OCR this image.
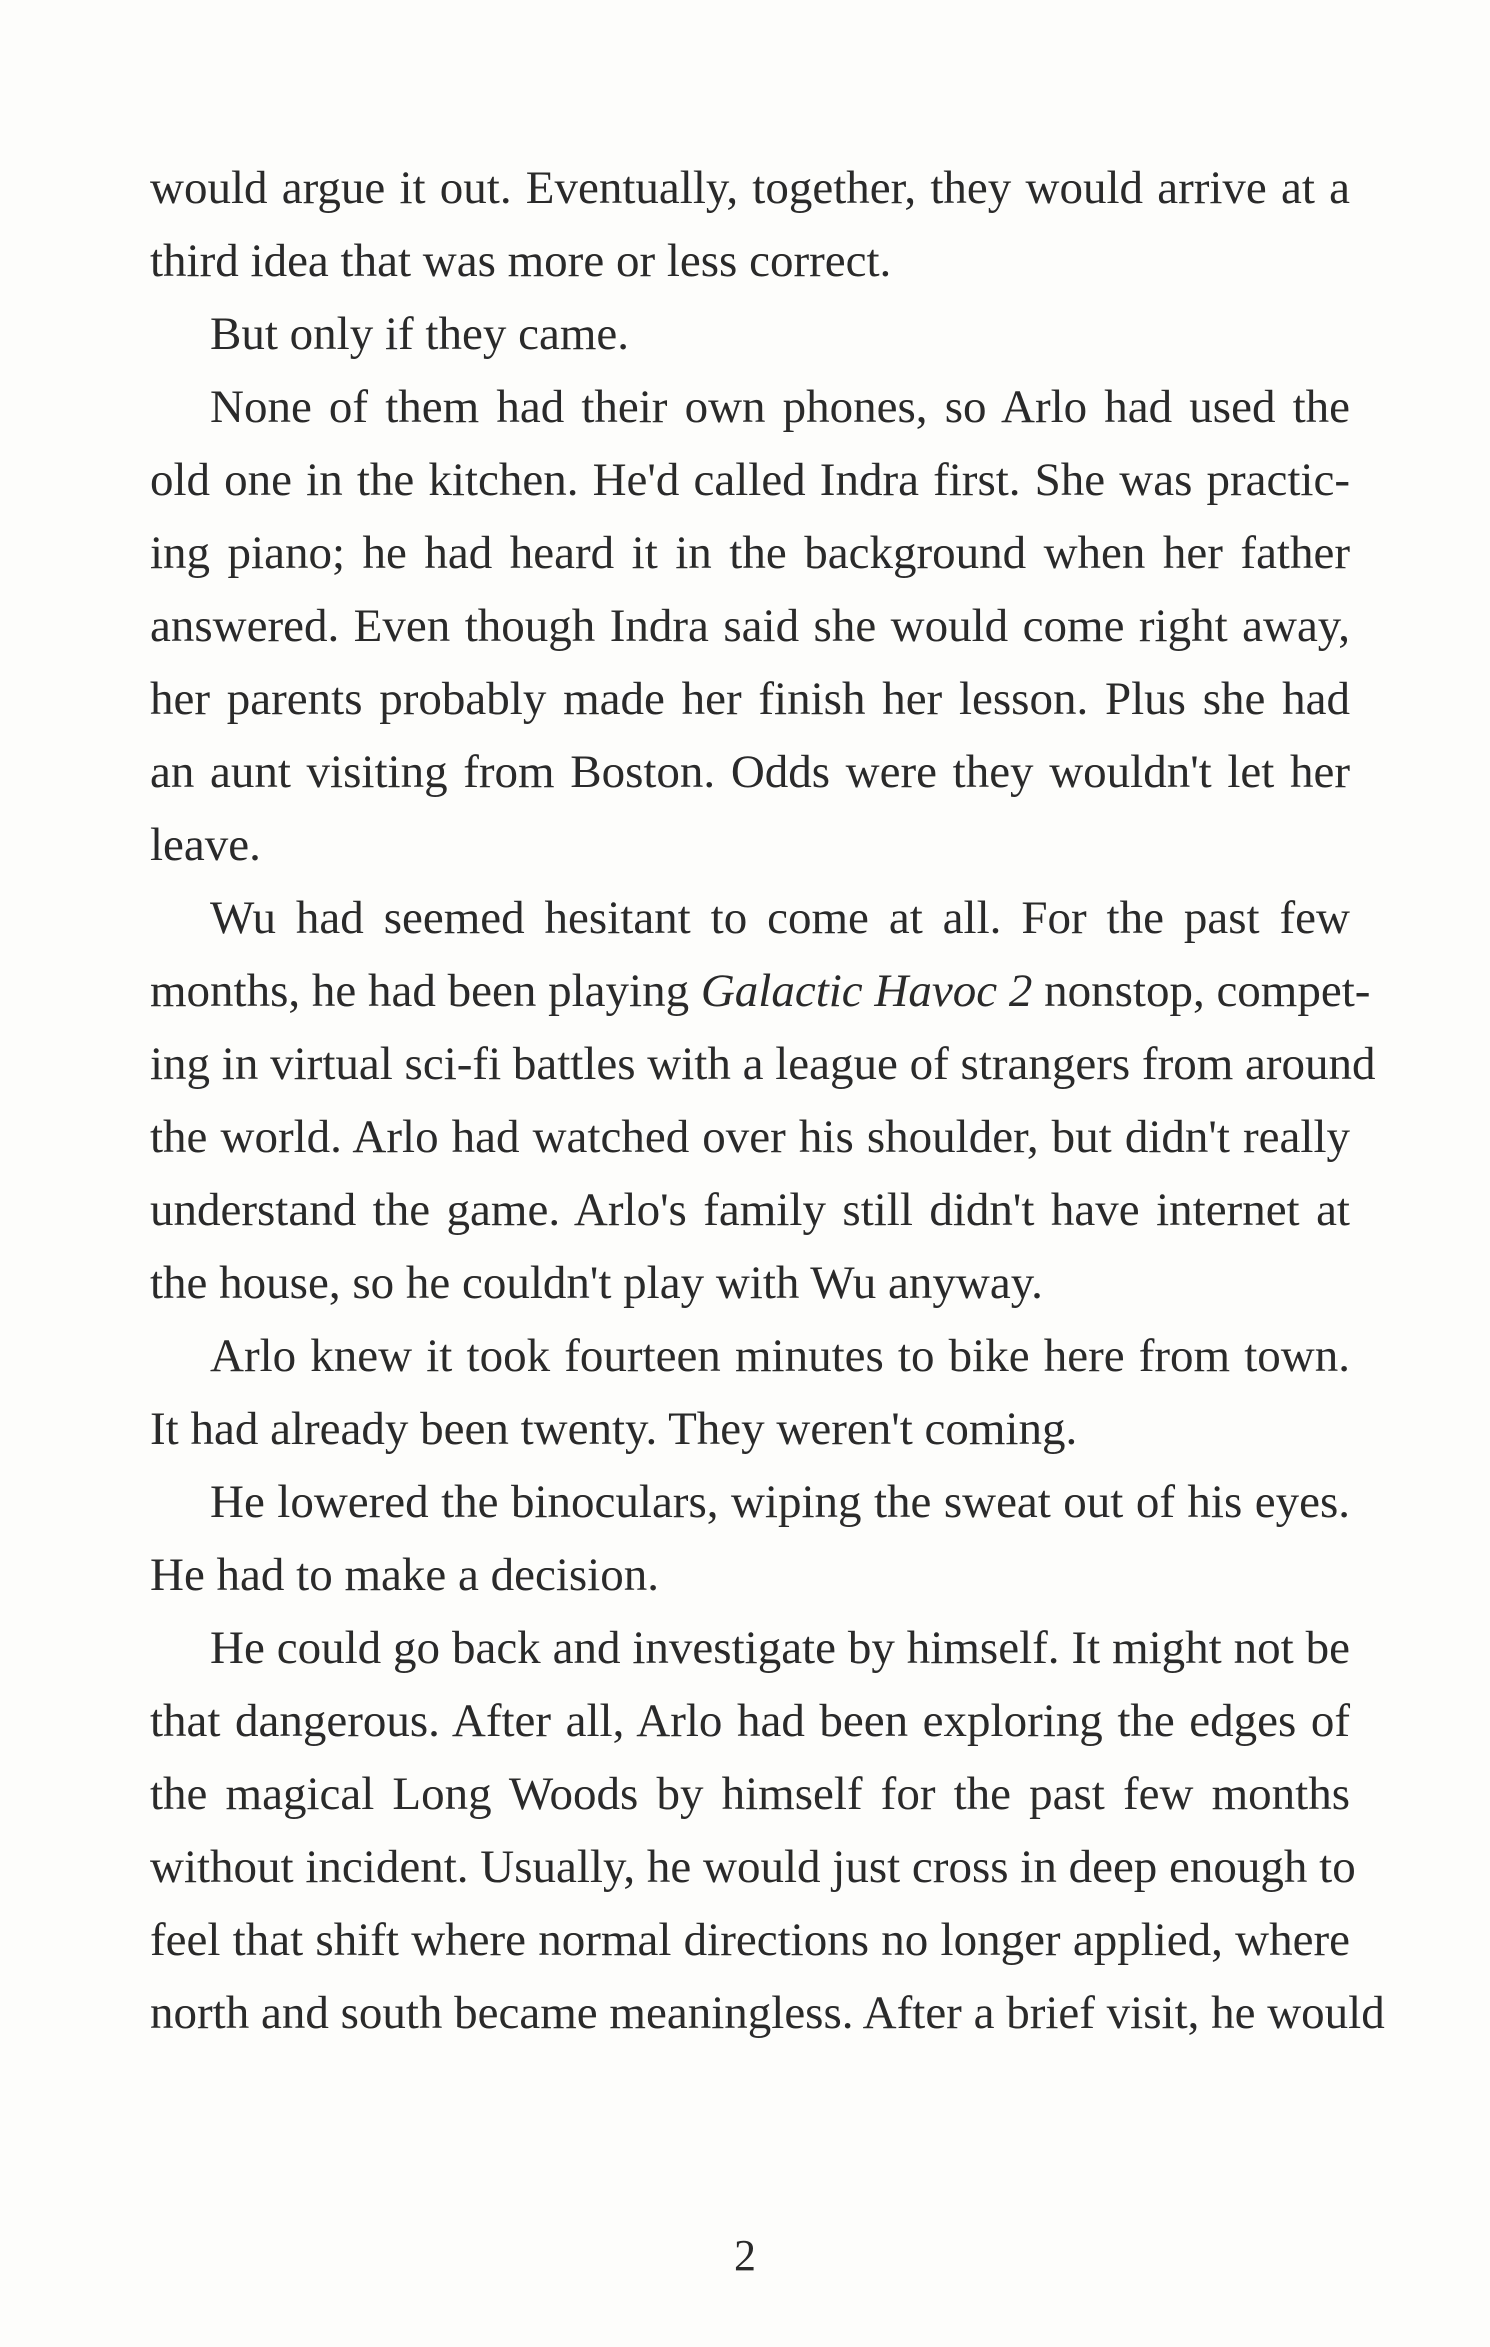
would argue it out. Eventually, together, they would arrive at a
third idea that was more or less correct.
But only if they came.
None of them had their own phones, so Arlo had used the
old one in the kitchen. He'd called Indra first. She was practic-
ing piano; he had heard it in the background when her father
answered. Even though Indra said she would come right away,
her parents probably made her finish her lesson. Plus she had
an aunt visiting from Boston. Odds were they wouldn't let her
leave.
Wu had seemed hesitant to come at all. For the past few
months, he had been playing Galactic Havoc 2 nonstop, compet-
ing in virtual sci-fi battles with a league of strangers from around
the world. Arlo had watched over his shoulder, but didn't really
understand the game. Arlo's family still didn't have internet at
the house, so he couldn't play with Wu anyway.
Arlo knew it took fourteen minutes to bike here from town.
It had already been twenty. They weren't coming.
He lowered the binoculars, wiping the sweat out of his eyes.
He had to make a decision.
He could go back and investigate by himself. It might not be
that dangerous. After all, Arlo had been exploring the edges of
the magical Long Woods by himself for the past few months
without incident. Usually, he would just cross in deep enough to
feel that shift where normal directions no longer applied, where
north and south became meaningless. After a brief visit, he would
2
